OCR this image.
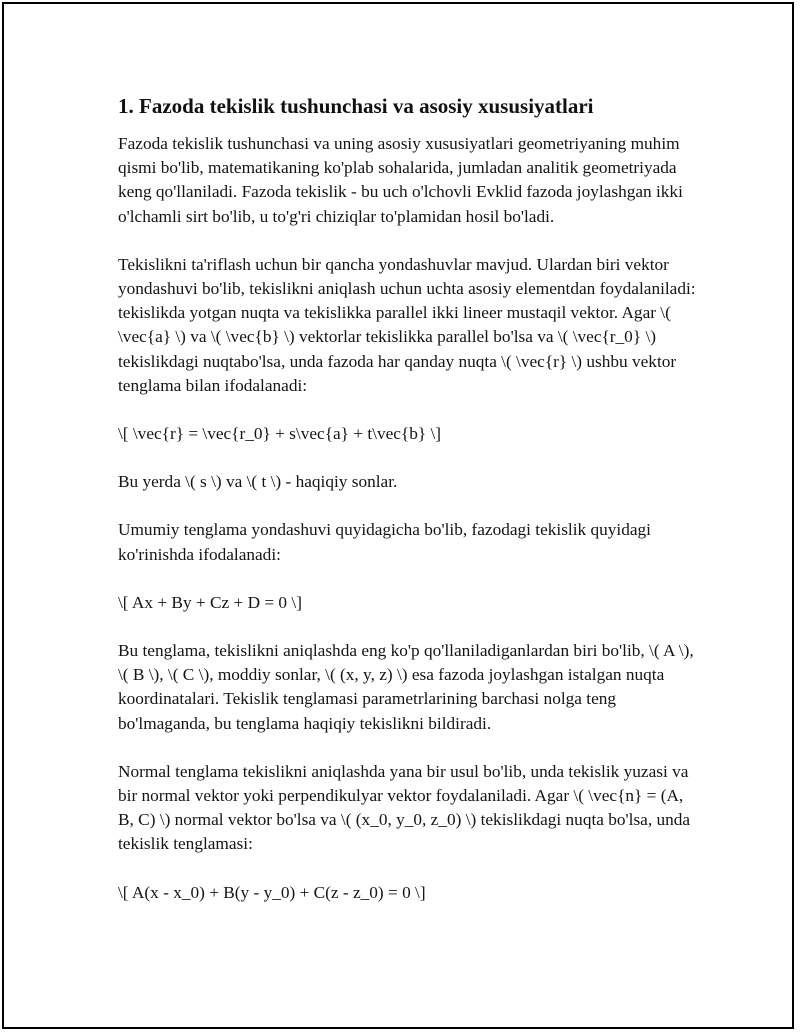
1. Fazoda tekislik tushunchasi va asosiy xususiyatlari

Fazoda tekislik tushunchasi va uning asosiy xususiyatlari geometriyaning muhim qismi bo'lib, matematikaning ko'plab sohalarida, jumladan analitik geometriyada keng qo'llaniladi. Fazoda tekislik - bu uch o'lchovli Evklid fazoda joylashgan ikki o'lchamli sirt bo'lib, u to'g'ri chiziqlar to'plamidan hosil bo'ladi.

Tekislikni ta'riflash uchun bir qancha yondashuvlar mavjud. Ulardan biri vektor yondashuvi bo'lib, tekislikni aniqlash uchun uchta asosiy elementdan foydalaniladi: tekislikda yotgan nuqta va tekislikka parallel ikki lineer mustaqil vektor. Agar \( \vec{a} \) va \( \vec{b} \) vektorlar tekislikka parallel bo'lsa va \( \vec{r_0} \) tekislikdagi nuqtabo'lsa, unda fazoda har qanday nuqta \( \vec{r} \) ushbu vektor tenglama bilan ifodalanadi:

\[ \vec{r} = \vec{r_0} + s\vec{a} + t\vec{b} \]

Bu yerda \( s \) va \( t \) - haqiqiy sonlar.

Umumiy tenglama yondashuvi quyidagicha bo'lib, fazodagi tekislik quyidagi ko'rinishda ifodalanadi:

\[ Ax + By + Cz + D = 0 \]

Bu tenglama, tekislikni aniqlashda eng ko'p qo'llaniladiganlardan biri bo'lib, \( A \), \( B \), \( C \), moddiy sonlar, \( (x, y, z) \) esa fazoda joylashgan istalgan nuqta koordinatalari. Tekislik tenglamasi parametrlarining barchasi nolga teng bo'lmaganda, bu tenglama haqiqiy tekislikni bildiradi.

Normal tenglama tekislikni aniqlashda yana bir usul bo'lib, unda tekislik yuzasi va bir normal vektor yoki perpendikulyar vektor foydalaniladi. Agar \( \vec{n} = (A, B, C) \) normal vektor bo'lsa va \( (x_0, y_0, z_0) \) tekislikdagi nuqta bo'lsa, unda tekislik tenglamasi:

\[ A(x - x_0) + B(y - y_0) + C(z - z_0) = 0 \]
